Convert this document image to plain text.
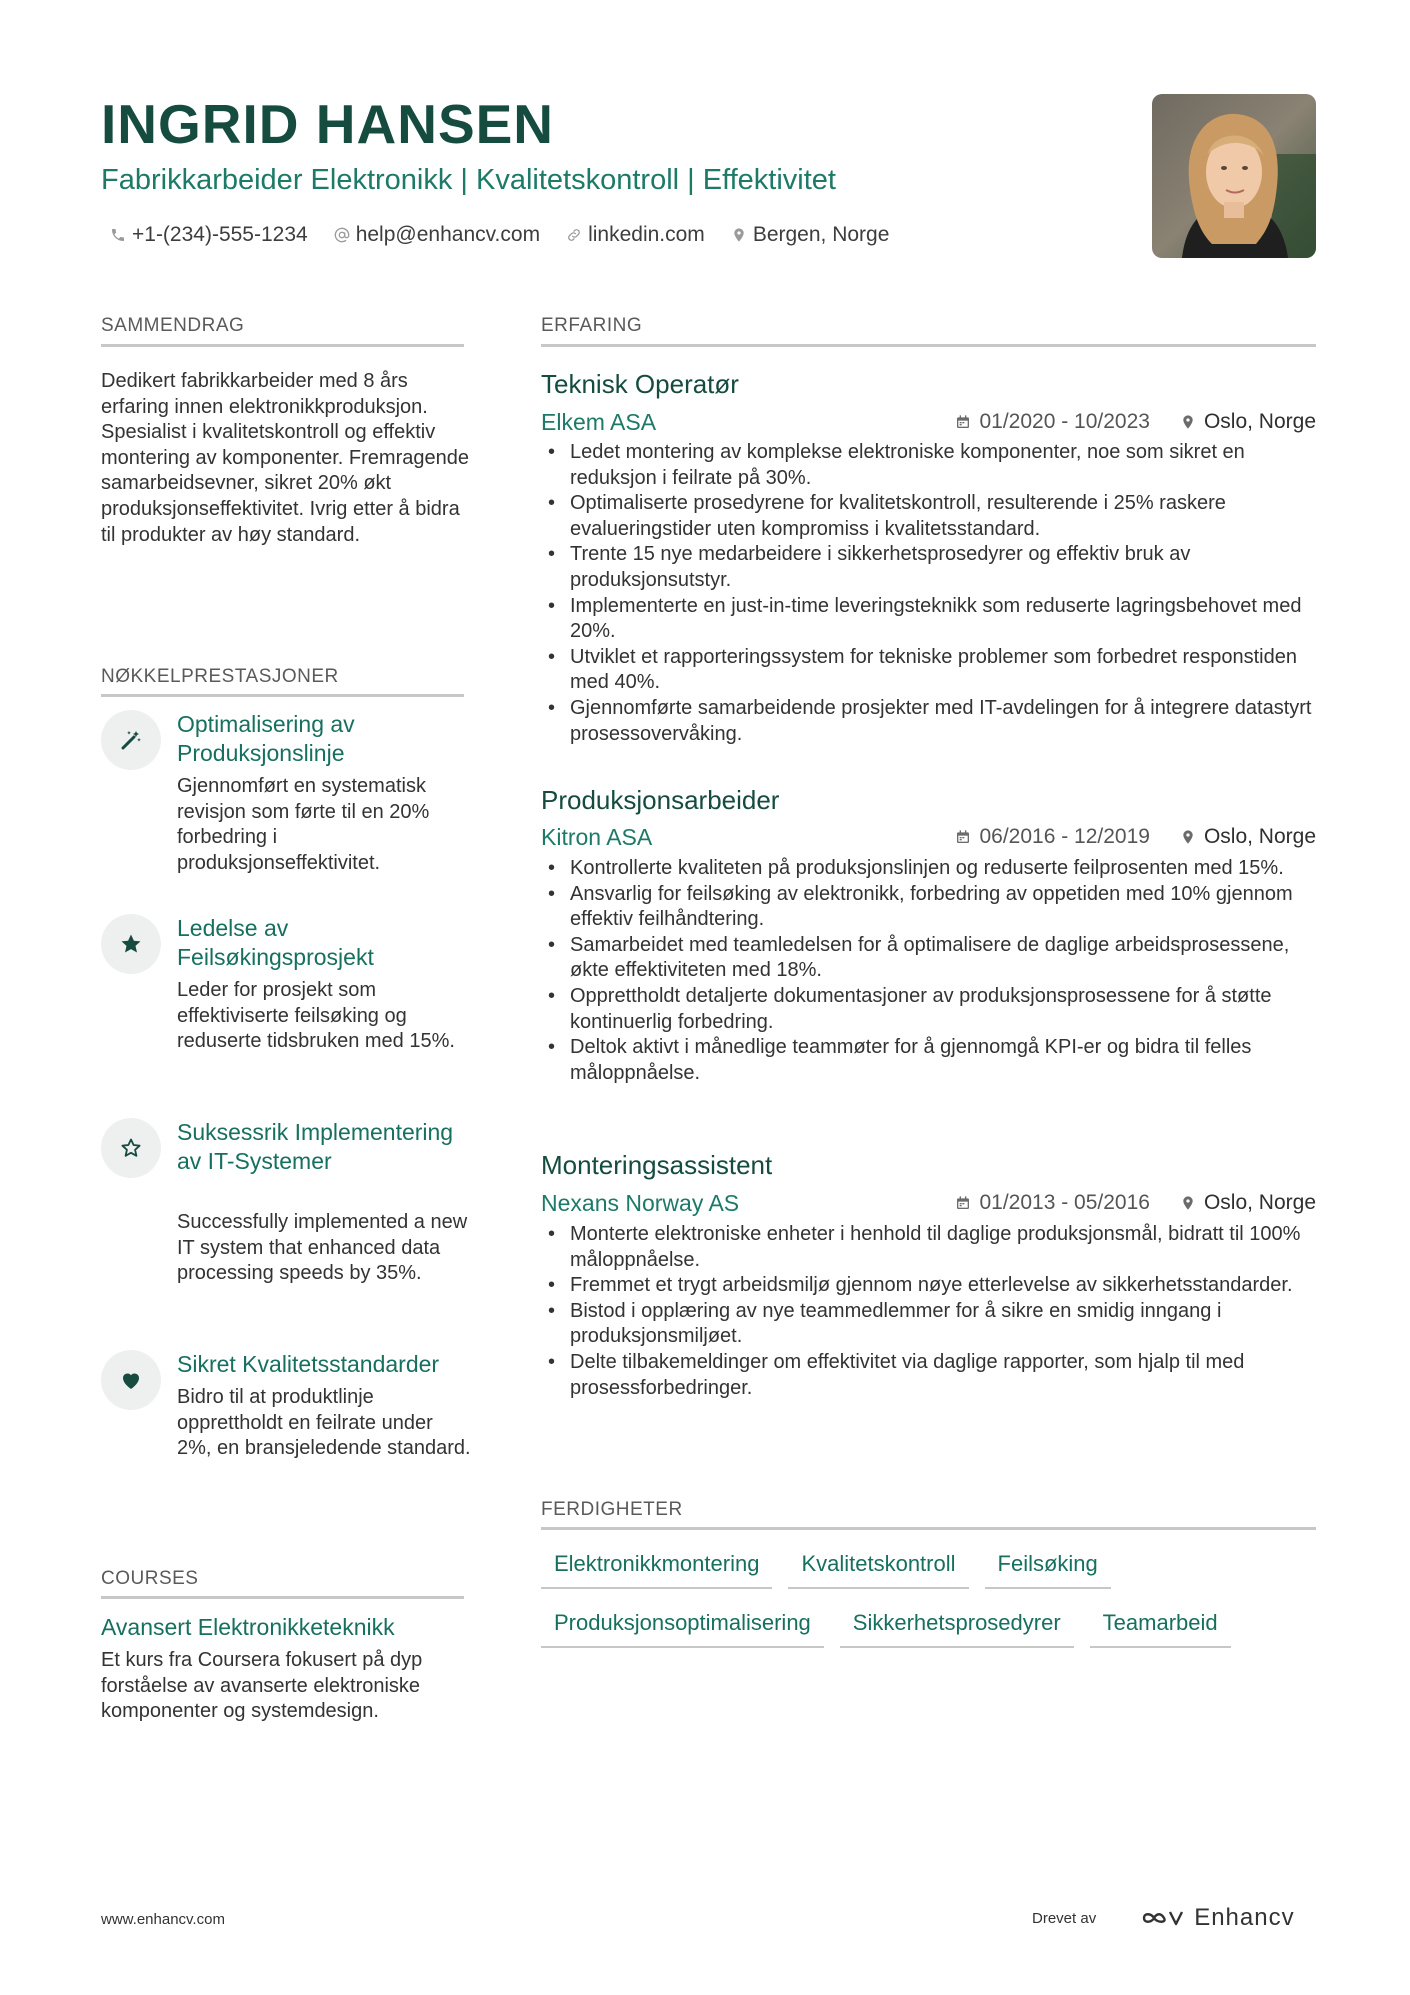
INGRID HANSEN
Fabrikkarbeider Elektronikk | Kvalitetskontroll | Effektivitet
+1-(234)-555-1234 help@enhancv.com linkedin.com Bergen, Norge
SAMMENDRAG
Dedikert fabrikkarbeider med 8 års erfaring innen elektronikkproduksjon. Spesialist i kvalitetskontroll og effektiv montering av komponenter. Fremragende samarbeidsevner, sikret 20% økt produksjonseffektivitet. Ivrig etter å bidra til produkter av høy standard.
NØKKELPRESTASJONER
Optimalisering av Produksjonslinje
Gjennomført en systematisk revisjon som førte til en 20% forbedring i produksjonseffektivitet.
Ledelse av Feilsøkingsprosjekt
Leder for prosjekt som effektiviserte feilsøking og reduserte tidsbruken med 15%.
Suksessrik Implementering av IT-Systemer
Successfully implemented a new IT system that enhanced data processing speeds by 35%.
Sikret Kvalitetsstandarder
Bidro til at produktlinje opprettholdt en feilrate under 2%, en bransjeledende standard.
COURSES
Avansert Elektronikketeknikk
Et kurs fra Coursera fokusert på dyp forståelse av avanserte elektroniske komponenter og systemdesign.
ERFARING
Teknisk Operatør
Elkem ASA	01/2020 - 10/2023	Oslo, Norge
• Ledet montering av komplekse elektroniske komponenter, noe som sikret en reduksjon i feilrate på 30%.
• Optimaliserte prosedyrene for kvalitetskontroll, resulterende i 25% raskere evalueringstider uten kompromiss i kvalitetsstandard.
• Trente 15 nye medarbeidere i sikkerhetsprosedyrer og effektiv bruk av produksjonsutstyr.
• Implementerte en just-in-time leveringsteknikk som reduserte lagringsbehovet med 20%.
• Utviklet et rapporteringssystem for tekniske problemer som forbedret responstiden med 40%.
• Gjennomførte samarbeidende prosjekter med IT-avdelingen for å integrere datastyrt prosessovervåking.
Produksjonsarbeider
Kitron ASA	06/2016 - 12/2019	Oslo, Norge
• Kontrollerte kvaliteten på produksjonslinjen og reduserte feilprosenten med 15%.
• Ansvarlig for feilsøking av elektronikk, forbedring av oppetiden med 10% gjennom effektiv feilhåndtering.
• Samarbeidet med teamledelsen for å optimalisere de daglige arbeidsprosessene, økte effektiviteten med 18%.
• Opprettholdt detaljerte dokumentasjoner av produksjonsprosessene for å støtte kontinuerlig forbedring.
• Deltok aktivt i månedlige teammøter for å gjennomgå KPI-er og bidra til felles måloppnåelse.
Monteringsassistent
Nexans Norway AS	01/2013 - 05/2016	Oslo, Norge
• Monterte elektroniske enheter i henhold til daglige produksjonsmål, bidratt til 100% måloppnåelse.
• Fremmet et trygt arbeidsmiljø gjennom nøye etterlevelse av sikkerhetsstandarder.
• Bistod i opplæring av nye teammedlemmer for å sikre en smidig inngang i produksjonsmiljøet.
• Delte tilbakemeldinger om effektivitet via daglige rapporter, som hjalp til med prosessforbedringer.
FERDIGHETER
Elektronikkmontering	Kvalitetskontroll	Feilsøking
Produksjonsoptimalisering	Sikkerhetsprosedyrer	Teamarbeid
www.enhancv.com	Drevet av	Enhancv
